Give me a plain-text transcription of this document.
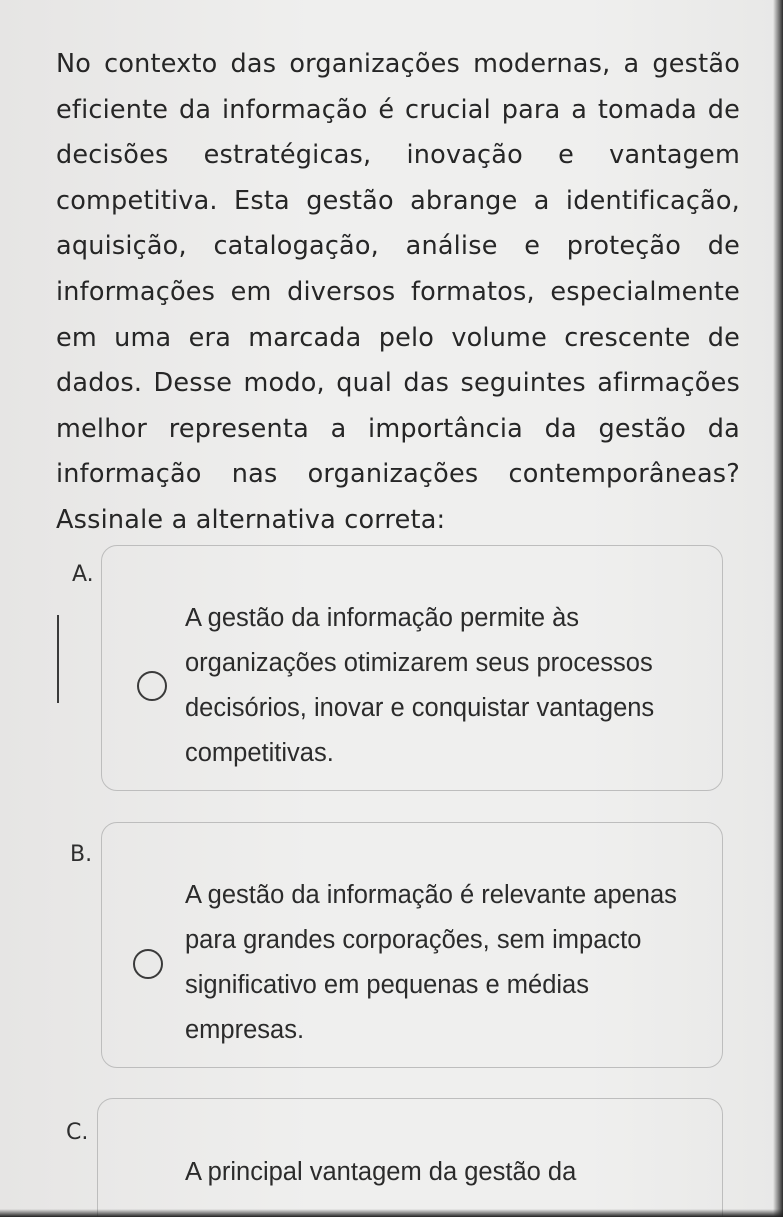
No contexto das organizações modernas, a gestão eficiente da informação é crucial para a tomada de decisões estratégicas, inovação e vantagem competitiva. Esta gestão abrange a identificação, aquisição, catalogação, análise e proteção de informações em diversos formatos, especialmente em uma era marcada pelo volume crescente de dados. Desse modo, qual das seguintes afirmações melhor representa a importância da gestão da informação nas organizações contemporâneas? Assinale a alternativa correta:
A.
A gestão da informação permite às organizações otimizarem seus processos decisórios, inovar e conquistar vantagens competitivas.
B.
A gestão da informação é relevante apenas para grandes corporações, sem impacto significativo em pequenas e médias empresas.
C.
A principal vantagem da gestão da
